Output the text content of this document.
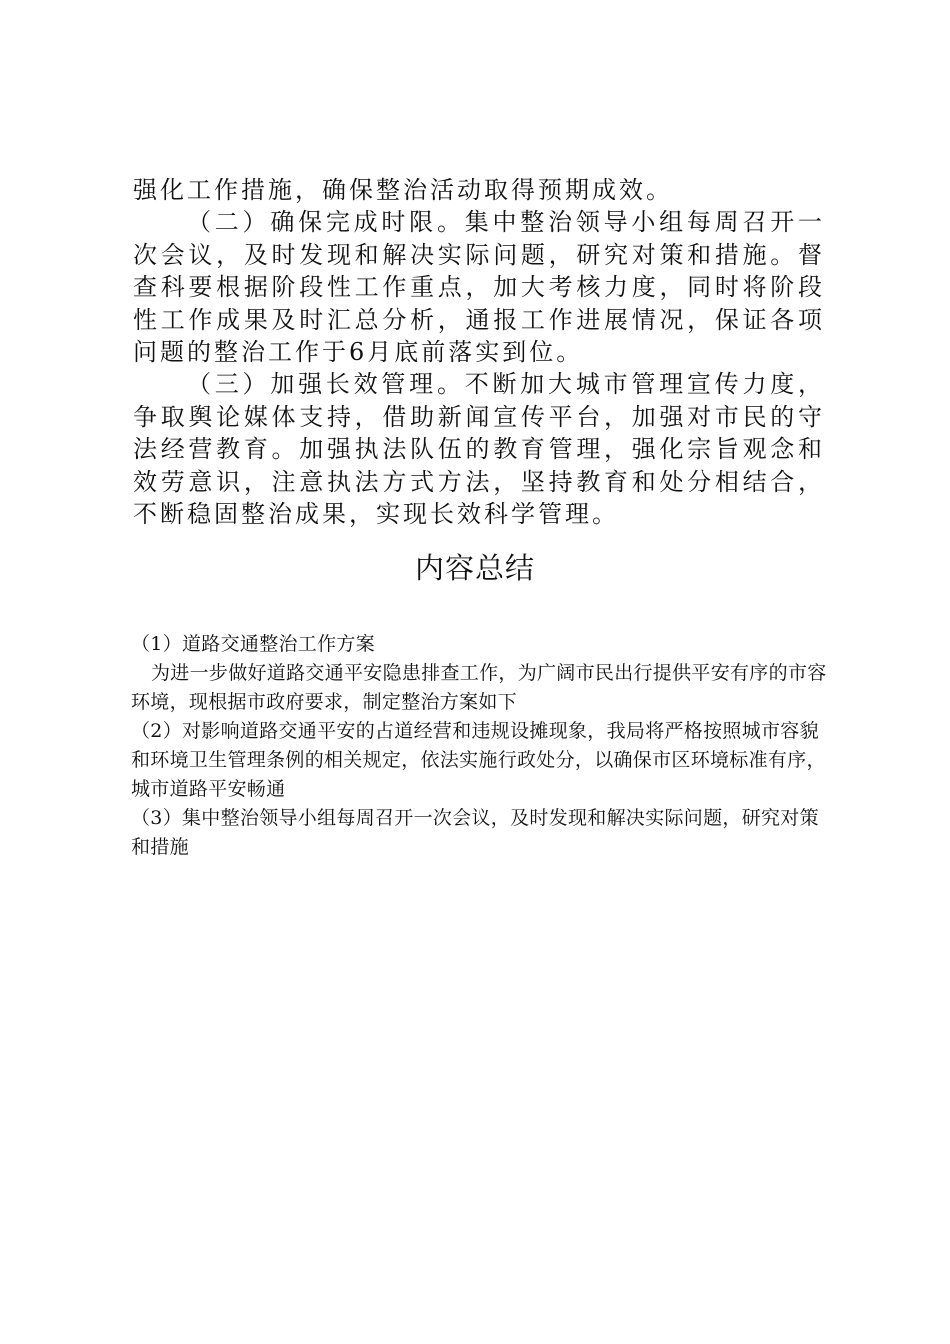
强化工作措施，确保整治活动取得预期成效。

（二）确保完成时限。集中整治领导小组每周召开一次会议，及时发现和解决实际问题，研究对策和措施。督查科要根据阶段性工作重点，加大考核力度，同时将阶段性工作成果及时汇总分析，通报工作进展情况，保证各项问题的整治工作于6月底前落实到位。

（三）加强长效管理。不断加大城市管理宣传力度，争取舆论媒体支持，借助新闻宣传平台，加强对市民的守法经营教育。加强执法队伍的教育管理，强化宗旨观念和效劳意识，注意执法方式方法，坚持教育和处分相结合，不断稳固整治成果，实现长效科学管理。

内容总结

（1）道路交通整治工作方案

为进一步做好道路交通平安隐患排查工作，为广阔市民出行提供平安有序的市容环境，现根据市政府要求，制定整治方案如下

（2）对影响道路交通平安的占道经营和违规设摊现象，我局将严格按照城市容貌和环境卫生管理条例的相关规定，依法实施行政处分，以确保市区环境标准有序，城市道路平安畅通

（3）集中整治领导小组每周召开一次会议，及时发现和解决实际问题，研究对策和措施
